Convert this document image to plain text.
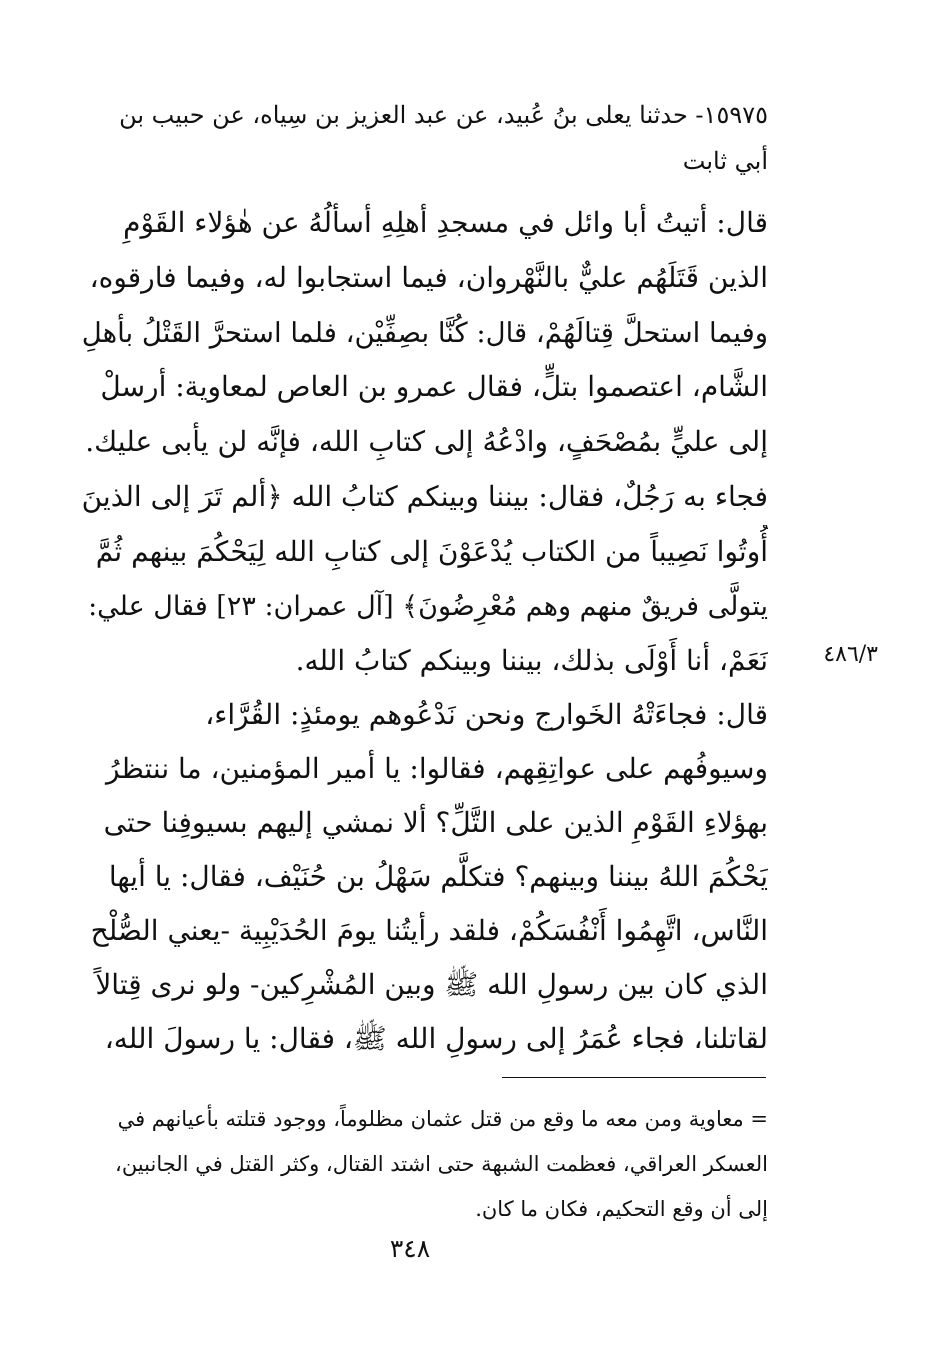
١٥٩٧٥- حدثنا يعلى بنُ عُبيد، عن عبد العزيز بن سِياه، عن حبيب بن
أبي ثابت
قال: أتيتُ أبا وائل في مسجدِ أهلِهِ أسألُهُ عن هٰؤلاء القَوْمِ
الذين قَتَلَهُم عليٌّ بالنَّهْروان، فيما استجابوا له، وفيما فارقوه،
وفيما استحلَّ قِتالَهُمْ، قال: كُنَّا بصِفِّيْن، فلما استحرَّ القَتْلُ بأهلِ
الشَّام، اعتصموا بتلٍّ، فقال عمرو بن العاص لمعاوية: أرسلْ
إلى عليٍّ بمُصْحَفٍ، وادْعُهُ إلى كتابِ الله، فإنَّه لن يأبى عليك.
فجاء به رَجُلٌ، فقال: بيننا وبينكم كتابُ الله ﴿ألم تَرَ إلى الذينَ
أُوتُوا نَصِيباً من الكتاب يُدْعَوْنَ إلى كتابِ الله لِيَحْكُمَ بينهم ثُمَّ
يتولَّى فريقٌ منهم وهم مُعْرِضُونَ﴾ [آل عمران: ٢٣] فقال علي:
نَعَمْ، أنا أَوْلَى بذلك، بيننا وبينكم كتابُ الله.	٤٨٦/٣
قال: فجاءَتْهُ الخَوارج ونحن نَدْعُوهم يومئذٍ: القُرَّاء،
وسيوفُهم على عواتِقِهم، فقالوا: يا أمير المؤمنين، ما ننتظرُ
بهؤلاءِ القَوْمِ الذين على التَّلِّ؟ ألا نمشي إليهم بسيوفِنا حتى
يَحْكُمَ اللهُ بيننا وبينهم؟ فتكلَّم سَهْلُ بن حُنَيْف، فقال: يا أيها
النَّاس، اتَّهِمُوا أَنْفُسَكُمْ، فلقد رأيتُنا يومَ الحُدَيْبِية -يعني الصُّلْح
الذي كان بين رسولِ الله ﷺ وبين المُشْرِكين- ولو نرى قِتالاً
لقاتلنا، فجاء عُمَرُ إلى رسولِ الله ﷺ، فقال: يا رسولَ الله،
= معاوية ومن معه ما وقع من قتل عثمان مظلوماً، ووجود قتلته بأعيانهم في
العسكر العراقي، فعظمت الشبهة حتى اشتد القتال، وكثر القتل في الجانبين،
إلى أن وقع التحكيم، فكان ما كان.
٣٤٨
